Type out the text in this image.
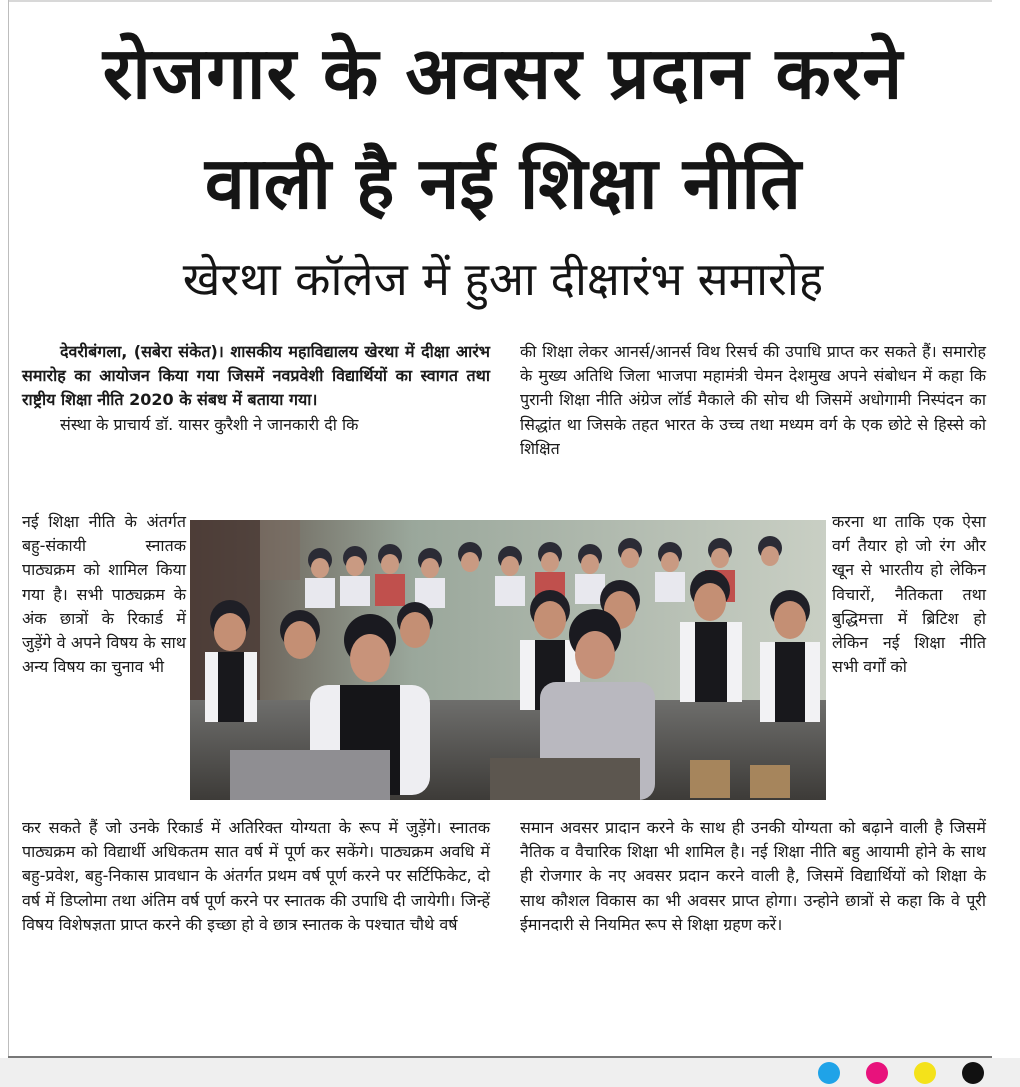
रोजगार के अवसर प्रदान करने
वाली है नई शिक्षा नीति
खेरथा कॉलेज में हुआ दीक्षारंभ समारोह

देवरीबंगला, (सबेरा संकेत)। शासकीय महाविद्यालय खेरथा में दीक्षा आरंभ समारोह का आयोजन किया गया जिसमें नवप्रवेशी विद्यार्थियों का स्वागत तथा राष्ट्रीय शिक्षा नीति 2020 के संबध में बताया गया।

संस्था के प्राचार्य डॉ. यासर कुरैशी ने जानकारी दी कि

की शिक्षा लेकर आनर्स/आनर्स विथ रिसर्च की उपाधि प्राप्त कर सकते हैं। समारोह के मुख्य अतिथि जिला भाजपा महामंत्री चेमन देशमुख अपने संबोधन में कहा कि पुरानी शिक्षा नीति अंग्रेज लॉर्ड मैकाले की सोच थी जिसमें अधोगामी निस्पंदन का सिद्धांत था जिसके तहत भारत के उच्च तथा मध्यम वर्ग के एक छोटे से हिस्से को शिक्षित

नई शिक्षा नीति के अंतर्गत बहु-संकायी स्नातक पाठ्यक्रम को शामिल किया गया है। सभी पाठ्यक्रम के अंक छात्रों के रिकार्ड में जुड़ेंगे वे अपने विषय के साथ अन्य विषय का चुनाव भी

करना था ताकि एक ऐसा वर्ग तैयार हो जो रंग और खून से भारतीय हो लेकिन विचारों, नैतिकता तथा बुद्धिमत्ता में ब्रिटिश हो लेकिन नई शिक्षा नीति सभी वर्गों को

कर सकते हैं जो उनके रिकार्ड में अतिरिक्त योग्यता के रूप में जुड़ेंगे। स्नातक पाठ्यक्रम को विद्यार्थी अधिकतम सात वर्ष में पूर्ण कर सकेंगे। पाठ्यक्रम अवधि में बहु-प्रवेश, बहु-निकास प्रावधान के अंतर्गत प्रथम वर्ष पूर्ण करने पर सर्टिफिकेट, दो वर्ष में डिप्लोमा तथा अंतिम वर्ष पूर्ण करने पर स्नातक की उपाधि दी जायेगी। जिन्हें विषय विशेषज्ञता प्राप्त करने की इच्छा हो वे छात्र स्नातक के पश्चात चौथे वर्ष

समान अवसर प्रादान करने के साथ ही उनकी योग्यता को बढ़ाने वाली है जिसमें नैतिक व वैचारिक शिक्षा भी शामिल है। नई शिक्षा नीति बहु आयामी होने के साथ ही रोजगार के नए अवसर प्रदान करने वाली है, जिसमें विद्यार्थियों को शिक्षा के साथ कौशल विकास का भी अवसर प्राप्त होगा। उन्होने छात्रों से कहा कि वे पूरी ईमानदारी से नियमित रूप से शिक्षा ग्रहण करें।
